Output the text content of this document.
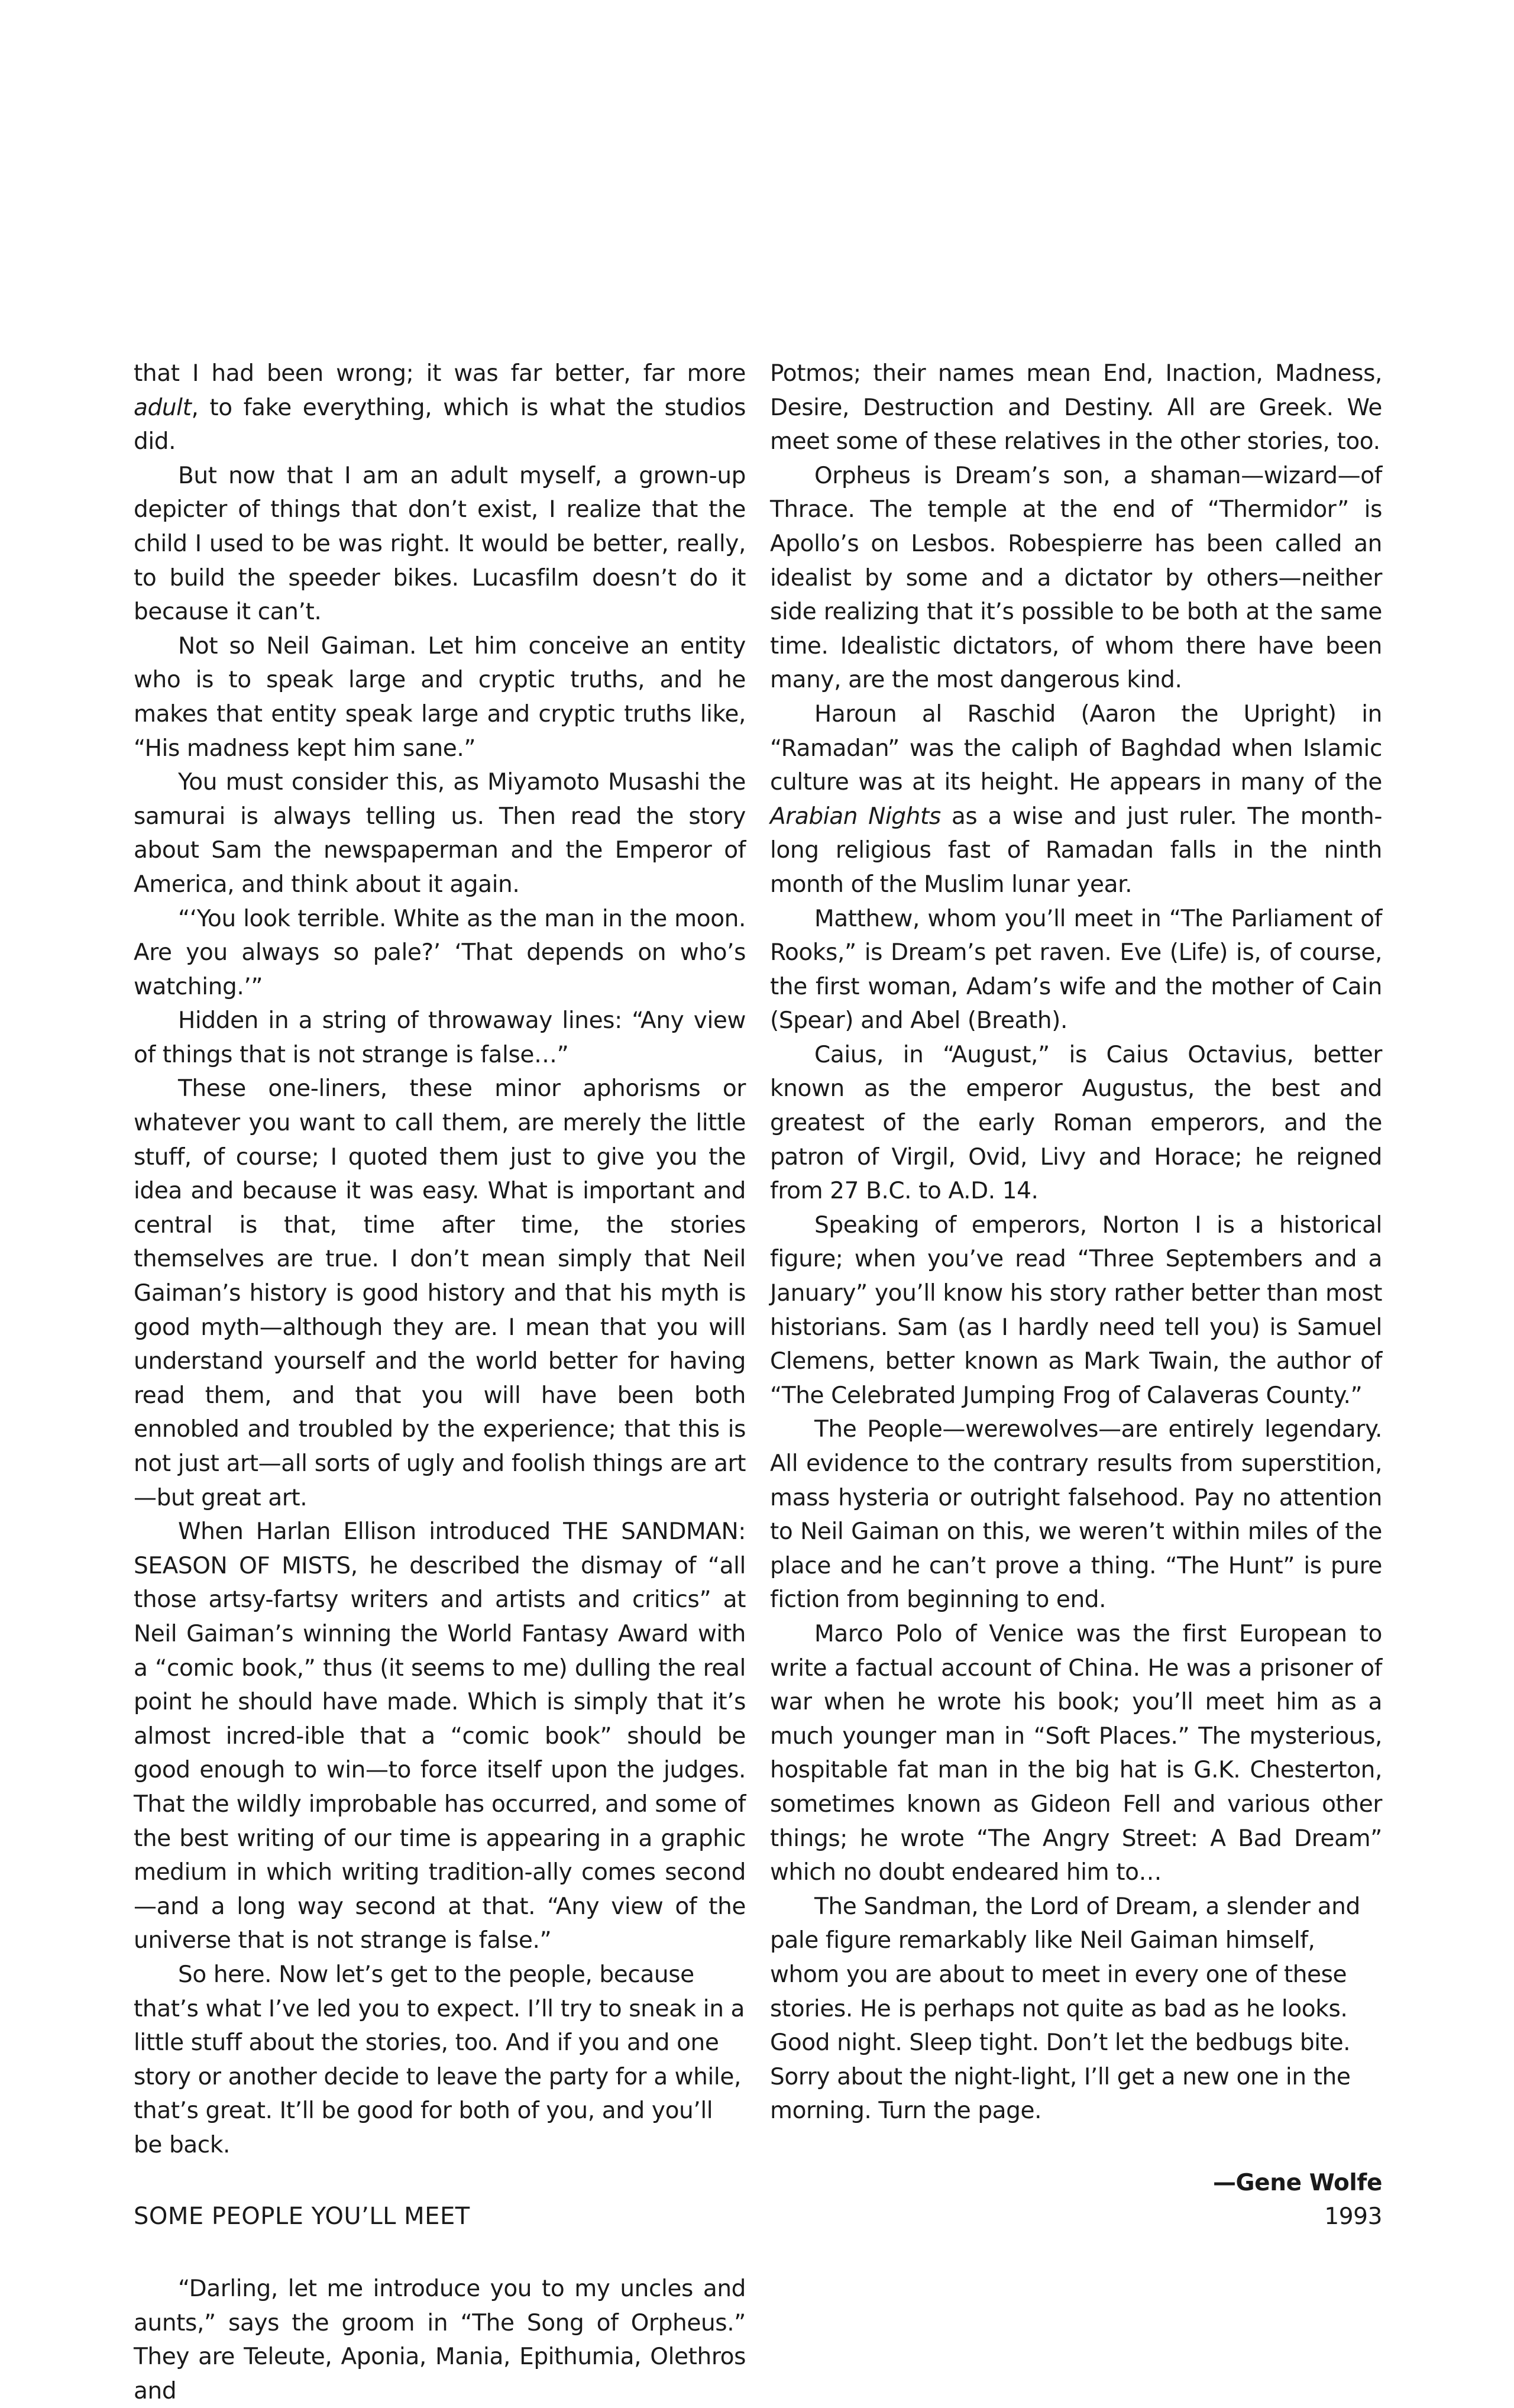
that I had been wrong; it was far better, far more adult, to fake everything, which is what the studios did.

But now that I am an adult myself, a grown-up depicter of things that don’t exist, I realize that the child I used to be was right. It would be better, really, to build the speeder bikes. Lucasfilm doesn’t do it because it can’t.

Not so Neil Gaiman. Let him conceive an entity who is to speak large and cryptic truths, and he makes that entity speak large and cryptic truths like, “His madness kept him sane.”

You must consider this, as Miyamoto Musashi the samurai is always telling us. Then read the story about Sam the newspaperman and the Emperor of America, and think about it again.

“‘You look terrible. White as the man in the moon. Are you always so pale?’ ‘That depends on who’s watching.’”

Hidden in a string of throwaway lines: “Any view of things that is not strange is false…”

These one-liners, these minor aphorisms or whatever you want to call them, are merely the little stuff, of course; I quoted them just to give you the idea and because it was easy. What is important and central is that, time after time, the stories themselves are true. I don’t mean simply that Neil Gaiman’s history is good history and that his myth is good myth—although they are. I mean that you will understand yourself and the world better for having read them, and that you will have been both ennobled and troubled by the experience; that this is not just art—all sorts of ugly and foolish things are art—but great art.

When Harlan Ellison introduced THE SANDMAN: SEASON OF MISTS, he described the dismay of “all those artsy-fartsy writers and artists and critics” at Neil Gaiman’s winning the World Fantasy Award with a “comic book,” thus (it seems to me) dulling the real point he should have made. Which is simply that it’s almost incred-ible that a “comic book” should be good enough to win—to force itself upon the judges. That the wildly improbable has occurred, and some of the best writing of our time is appearing in a graphic medium in which writing tradition-ally comes second—and a long way second at that. “Any view of the universe that is not strange is false.”

So here. Now let’s get to the people, because that’s what I’ve led you to expect. I’ll try to sneak in a little stuff about the stories, too. And if you and one story or another decide to leave the party for a while, that’s great. It’ll be good for both of you, and you’ll be back.

SOME PEOPLE YOU’LL MEET

“Darling, let me introduce you to my uncles and aunts,” says the groom in “The Song of Orpheus.” They are Teleute, Aponia, Mania, Epithumia, Olethros and

Potmos; their names mean End, Inaction, Madness, Desire, Destruction and Destiny. All are Greek. We meet some of these relatives in the other stories, too.

Orpheus is Dream’s son, a shaman—wizard—of Thrace. The temple at the end of “Thermidor” is Apollo’s on Lesbos. Robespierre has been called an idealist by some and a dictator by others—neither side realizing that it’s possible to be both at the same time. Idealistic dictators, of whom there have been many, are the most dangerous kind.

Haroun al Raschid (Aaron the Upright) in “Ramadan” was the caliph of Baghdad when Islamic culture was at its height. He appears in many of the Arabian Nights as a wise and just ruler. The month-long religious fast of Ramadan falls in the ninth month of the Muslim lunar year.

Matthew, whom you’ll meet in “The Parliament of Rooks,” is Dream’s pet raven. Eve (Life) is, of course, the first woman, Adam’s wife and the mother of Cain (Spear) and Abel (Breath).

Caius, in “August,” is Caius Octavius, better known as the emperor Augustus, the best and greatest of the early Roman emperors, and the patron of Virgil, Ovid, Livy and Horace; he reigned from 27 B.C. to A.D. 14.

Speaking of emperors, Norton I is a historical figure; when you’ve read “Three Septembers and a January” you’ll know his story rather better than most historians. Sam (as I hardly need tell you) is Samuel Clemens, better known as Mark Twain, the author of “The Celebrated Jumping Frog of Calaveras County.”

The People—werewolves—are entirely legendary. All evidence to the contrary results from superstition, mass hysteria or outright falsehood. Pay no attention to Neil Gaiman on this, we weren’t within miles of the place and he can’t prove a thing. “The Hunt” is pure fiction from beginning to end.

Marco Polo of Venice was the first European to write a factual account of China. He was a prisoner of war when he wrote his book; you’ll meet him as a much younger man in “Soft Places.” The mysterious, hospitable fat man in the big hat is G.K. Chesterton, sometimes known as Gideon Fell and various other things; he wrote “The Angry Street: A Bad Dream” which no doubt endeared him to…

The Sandman, the Lord of Dream, a slender and pale figure remarkably like Neil Gaiman himself, whom you are about to meet in every one of these stories. He is perhaps not quite as bad as he looks. Good night. Sleep tight. Don’t let the bedbugs bite. Sorry about the night-light, I’ll get a new one in the morning. Turn the page.

—Gene Wolfe
1993
